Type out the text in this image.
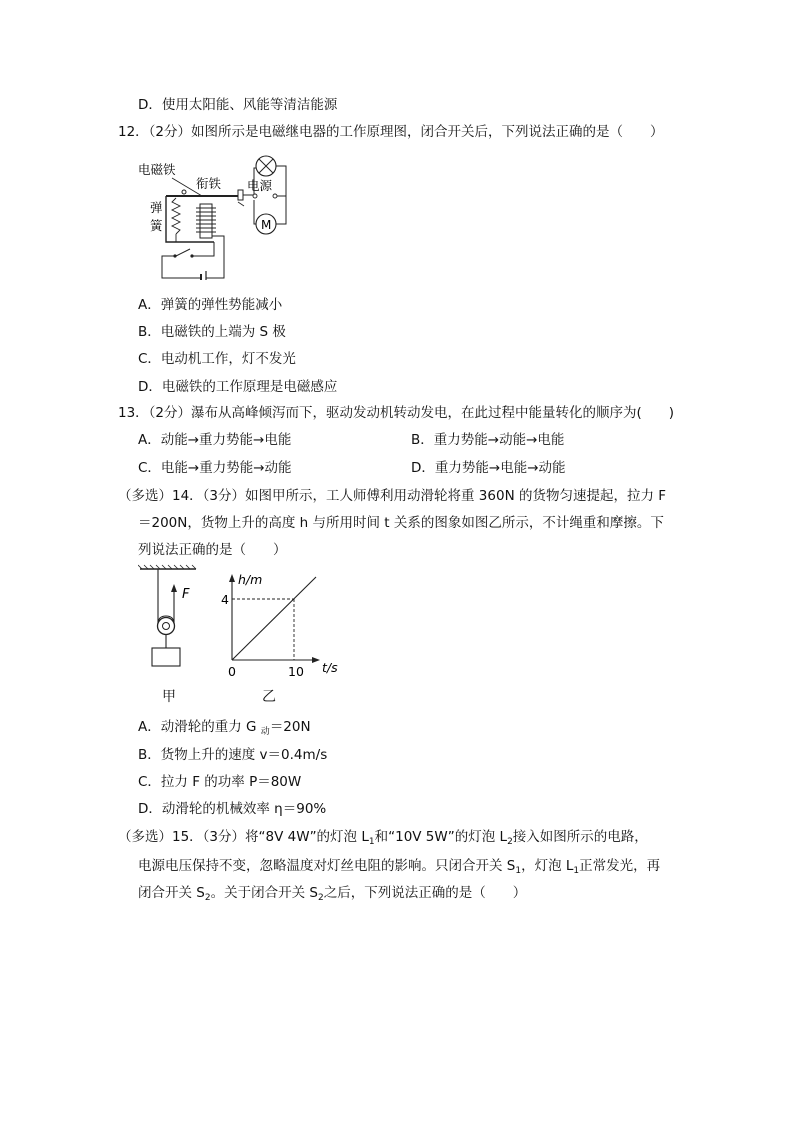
D．使用太阳能、风能等清洁能源
12．（2分）如图所示是电磁继电器的工作原理图，闭合开关后，下列说法正确的是（　　）
电磁铁
衔铁 电源
弹
簧	M
A．弹簧的弹性势能减小
B．电磁铁的上端为 S 极
C．电动机工作，灯不发光
D．电磁铁的工作原理是电磁感应
13．（2分）瀑布从高峰倾泻而下，驱动发动机转动发电，在此过程中能量转化的顺序为(　　)
A．动能→重力势能→电能	B．重力势能→动能→电能
C．电能→重力势能→动能	D．重力势能→电能→动能
（多选）14．（3分）如图甲所示，工人师傅利用动滑轮将重 360N 的货物匀速提起，拉力 F
＝200N，货物上升的高度 h 与所用时间 t 关系的图象如图乙所示，不计绳重和摩擦。下
列说法正确的是（　　）
F
甲
h/m
t/s
0
4
10
乙
A．动滑轮的重力 G $_动$＝20N
B．货物上升的速度 v＝0.4m/s
C．拉力 F 的功率 P＝80W
D．动滑轮的机械效率 η＝90%
（多选）15．（3分）将“8V 4W”的灯泡 $L_1$和“10V 5W”的灯泡 $L_2$接入如图所示的电路，
电源电压保持不变，忽略温度对灯丝电阻的影响。只闭合开关 $S_1$，灯泡 $L_1$正常发光，再
闭合开关 $S_2$。关于闭合开关 $S_2$之后，下列说法正确的是（　　）
